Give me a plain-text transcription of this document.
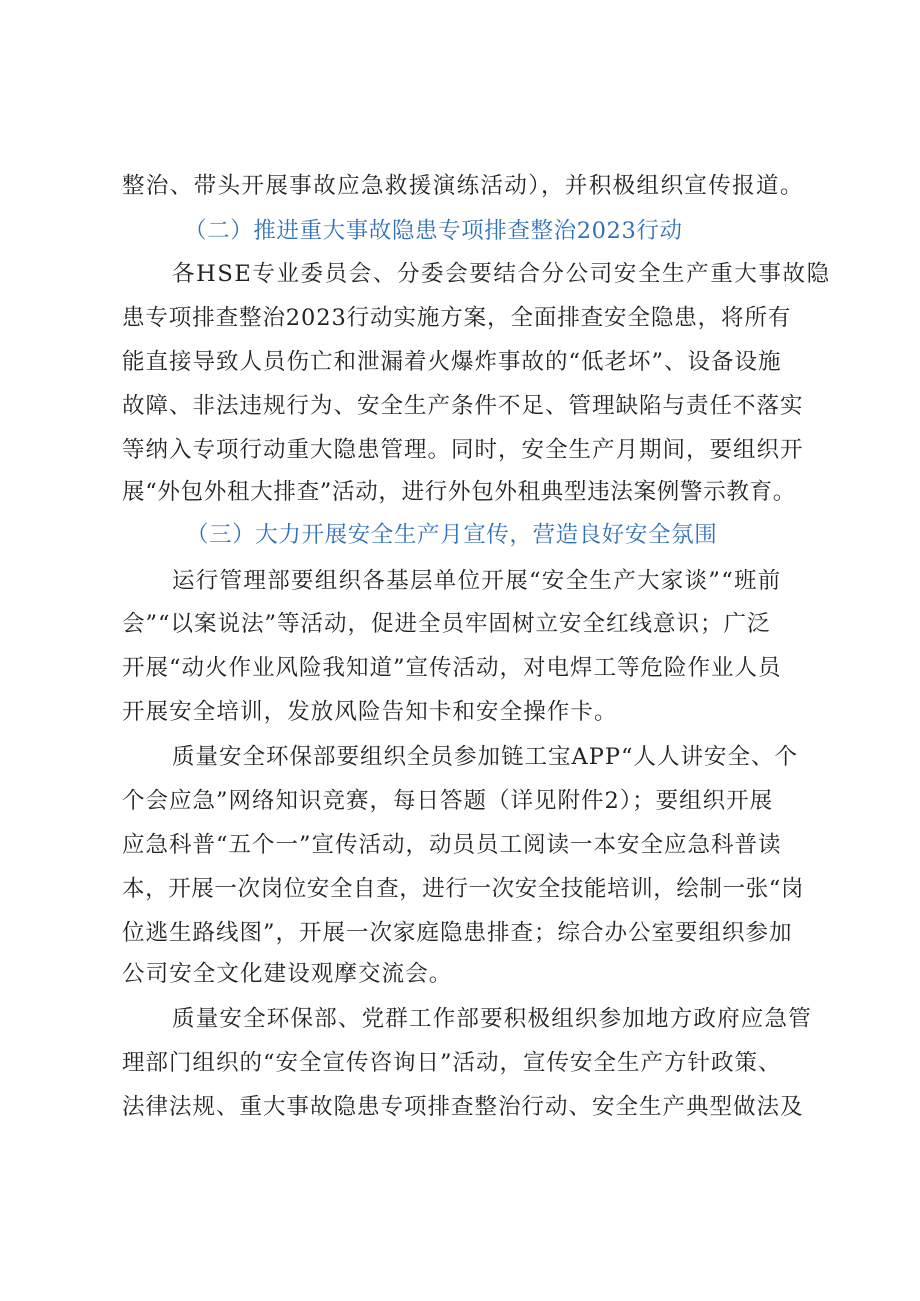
整治、带头开展事故应急救援演练活动），并积极组织宣传报道。
（二）推进重大事故隐患专项排查整治2023行动
各HSE专业委员会、分委会要结合分公司安全生产重大事故隐
患专项排查整治2023行动实施方案，全面排查安全隐患，将所有
能直接导致人员伤亡和泄漏着火爆炸事故的“低老坏”、设备设施
故障、非法违规行为、安全生产条件不足、管理缺陷与责任不落实
等纳入专项行动重大隐患管理。同时，安全生产月期间，要组织开
展“外包外租大排查”活动，进行外包外租典型违法案例警示教育。
（三）大力开展安全生产月宣传，营造良好安全氛围
运行管理部要组织各基层单位开展“安全生产大家谈”“班前
会”“以案说法”等活动，促进全员牢固树立安全红线意识；广泛
开展“动火作业风险我知道”宣传活动，对电焊工等危险作业人员
开展安全培训，发放风险告知卡和安全操作卡。
质量安全环保部要组织全员参加链工宝APP“人人讲安全、个
个会应急”网络知识竞赛，每日答题（详见附件2）；要组织开展
应急科普“五个一”宣传活动，动员员工阅读一本安全应急科普读
本，开展一次岗位安全自查，进行一次安全技能培训，绘制一张“岗
位逃生路线图”，开展一次家庭隐患排查；综合办公室要组织参加
公司安全文化建设观摩交流会。
质量安全环保部、党群工作部要积极组织参加地方政府应急管
理部门组织的“安全宣传咨询日”活动，宣传安全生产方针政策、
法律法规、重大事故隐患专项排查整治行动、安全生产典型做法及
